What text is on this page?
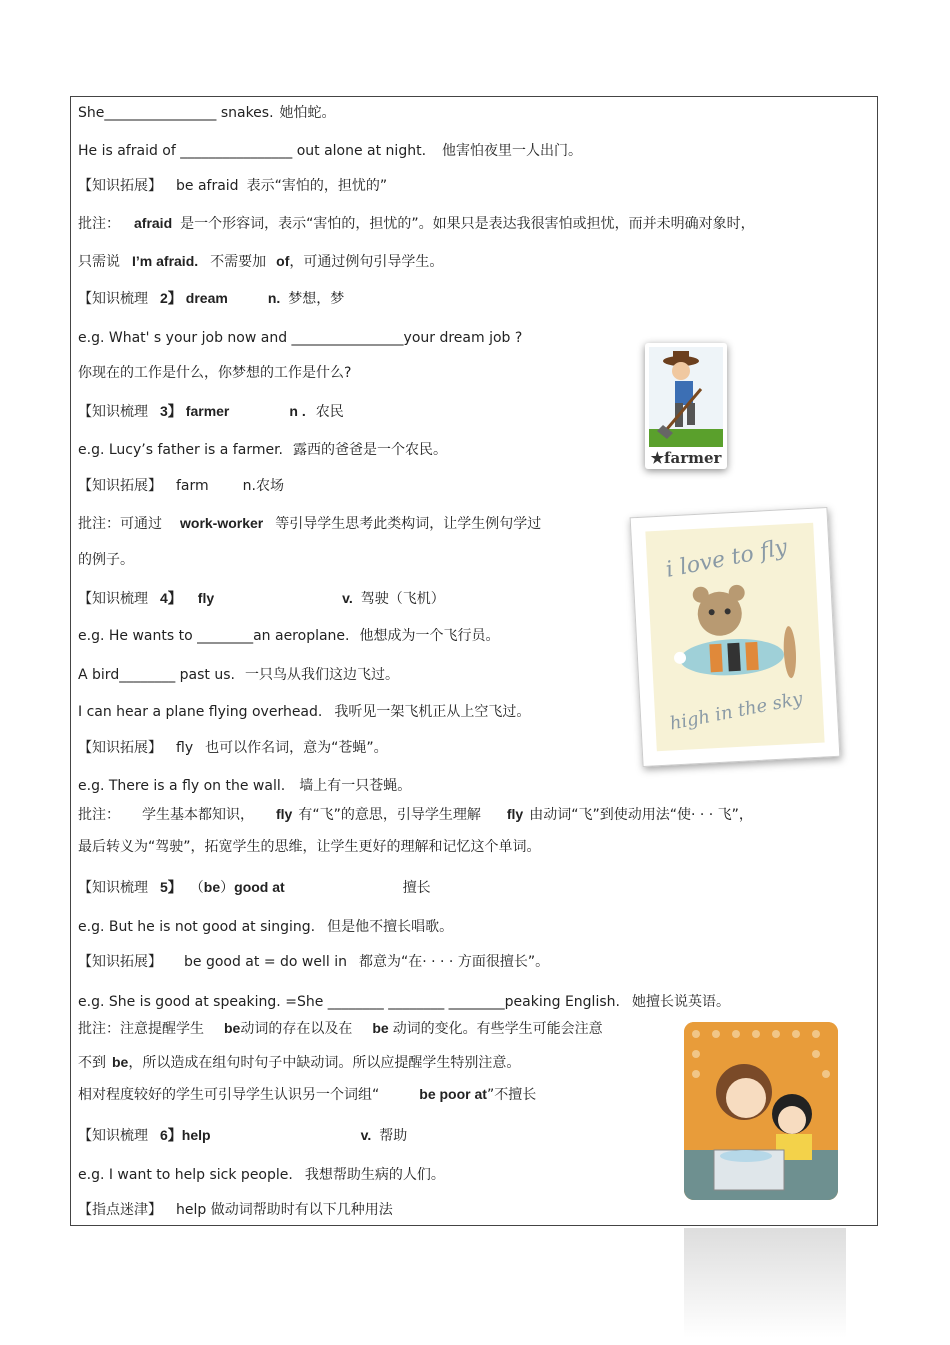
She________________ snakes. 她怕蛇。
He is afraid of ________________ out alone at night. 他害怕夜里一人出门。
【知识拓展】 be afraid 表示“害怕的，担忧的”
批注： afraid 是一个形容词，表示“害怕的，担忧的”。如果只是表达我很害怕或担忧，而并未明确对象时，
只需说 I’m afraid. 不需要加 of，可通过例句引导学生。
【知识梳理 2】 dream	n. 梦想，梦
e.g. What' s your job now and ________________your dream job ?
你现在的工作是什么，你梦想的工作是什么?
【知识梳理 3】 farmer	n . 农民
e.g. Lucy’s father is a farmer. 露西的爸爸是一个农民。
【知识拓展】 farm n.农场
批注：可通过 work-worker 等引导学生思考此类构词，让学生例句学过
的例子。
【知识梳理 4】 fly	v. 驾驶（飞机）
e.g. He wants to ________an aeroplane. 他想成为一个飞行员。
A bird________ past us. 一只鸟从我们这边飞过。
I can hear a plane flying overhead. 我听见一架飞机正从上空飞过。
【知识拓展】 fly 也可以作名词，意为“苍蝇”。
e.g. There is a fly on the wall. 墙上有一只苍蝇。
批注： 学生基本都知识， fly 有“飞”的意思，引导学生理解 fly 由动词“飞”到使动用法“使· · · 飞”，
最后转义为“驾驶”，拓宽学生的思维，让学生更好的理解和记忆这个单词。
【知识梳理 5】 （be）good at	擅长
e.g. But he is not good at singing. 但是他不擅长唱歌。
【知识拓展】 be good at = do well in 都意为“在· · · · 方面很擅长”。
e.g. She is good at speaking. =She ________ ________ ________peaking English. 她擅长说英语。
批注：注意提醒学生 be动词的存在以及在 be 动词的变化。有些学生可能会注意
不到 be，所以造成在组句时句子中缺动词。所以应提醒学生特别注意。
相对程度较好的学生可引导学生认识另一个词组“	be poor at”不擅长
【知识梳理 6】help	v. 帮助
e.g. I want to help sick people. 我想帮助生病的人们。
【指点迷津】 help 做动词帮助时有以下几种用法
★farmer
i love to fly
high in the sky
